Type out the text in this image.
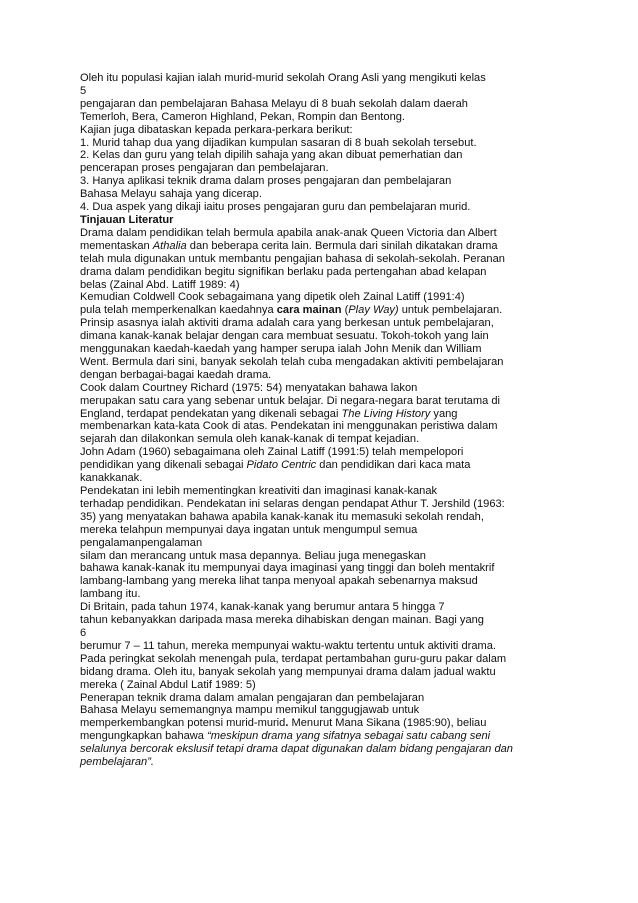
Oleh itu populasi kajian ialah murid-murid sekolah Orang Asli yang mengikuti kelas
5
pengajaran dan pembelajaran Bahasa Melayu di 8 buah sekolah dalam daerah
Temerloh, Bera, Cameron Highland, Pekan, Rompin dan Bentong.
Kajian juga dibataskan kepada perkara-perkara berikut:
1. Murid tahap dua yang dijadikan kumpulan sasaran di 8 buah sekolah tersebut.
2. Kelas dan guru yang telah dipilih sahaja yang akan dibuat pemerhatian dan
pencerapan proses pengajaran dan pembelajaran.
3. Hanya aplikasi teknik drama dalam proses pengajaran dan pembelajaran
Bahasa Melayu sahaja yang dicerap.
4. Dua aspek yang dikaji iaitu proses pengajaran guru dan pembelajaran murid.
Tinjauan Literatur
Drama dalam pendidikan telah bermula apabila anak-anak Queen Victoria dan Albert
mementaskan Athalia dan beberapa cerita lain. Bermula dari sinilah dikatakan drama
telah mula digunakan untuk membantu pengajian bahasa di sekolah-sekolah. Peranan
drama dalam pendidikan begitu signifikan berlaku pada pertengahan abad kelapan
belas (Zainal Abd. Latiff 1989: 4)
Kemudian Coldwell Cook sebagaimana yang dipetik oleh Zainal Latiff (1991:4)
pula telah memperkenalkan kaedahnya cara mainan (Play Way) untuk pembelajaran.
Prinsip asasnya ialah aktiviti drama adalah cara yang berkesan untuk pembelajaran,
dimana kanak-kanak belajar dengan cara membuat sesuatu. Tokoh-tokoh yang lain
menggunakan kaedah-kaedah yang hamper serupa ialah John Menik dan William
Went. Bermula dari sini, banyak sekolah telah cuba mengadakan aktiviti pembelajaran
dengan berbagai-bagai kaedah drama.
Cook dalam Courtney Richard (1975: 54) menyatakan bahawa lakon
merupakan satu cara yang sebenar untuk belajar. Di negara-negara barat terutama di
England, terdapat pendekatan yang dikenali sebagai The Living History yang
membenarkan kata-kata Cook di atas. Pendekatan ini menggunakan peristiwa dalam
sejarah dan dilakonkan semula oleh kanak-kanak di tempat kejadian.
John Adam (1960) sebagaimana oleh Zainal Latiff (1991:5) telah mempelopori
pendidikan yang dikenali sebagai Pidato Centric dan pendidikan dari kaca mata
kanakkanak.
Pendekatan ini lebih mementingkan kreativiti dan imaginasi kanak-kanak
terhadap pendidikan. Pendekatan ini selaras dengan pendapat Athur T. Jershild (1963:
35) yang menyatakan bahawa apabila kanak-kanak itu memasuki sekolah rendah,
mereka telahpun mempunyai daya ingatan untuk mengumpul semua
pengalamanpengalaman
silam dan merancang untuk masa depannya. Beliau juga menegaskan
bahawa kanak-kanak itu mempunyai daya imaginasi yang tinggi dan boleh mentakrif
lambang-lambang yang mereka lihat tanpa menyoal apakah sebenarnya maksud
lambang itu.
Di Britain, pada tahun 1974, kanak-kanak yang berumur antara 5 hingga 7
tahun kebanyakkan daripada masa mereka dihabiskan dengan mainan. Bagi yang
6
berumur 7 – 11 tahun, mereka mempunyai waktu-waktu tertentu untuk aktiviti drama.
Pada peringkat sekolah menengah pula, terdapat pertambahan guru-guru pakar dalam
bidang drama. Oleh itu, banyak sekolah yang mempunyai drama dalam jadual waktu
mereka ( Zainal Abdul Latif 1989: 5)
Penerapan teknik drama dalam amalan pengajaran dan pembelajaran
Bahasa Melayu sememangnya mampu memikul tanggugjawab untuk
memperkembangkan potensi murid-murid. Menurut Mana Sikana (1985:90), beliau
mengungkapkan bahawa “meskipun drama yang sifatnya sebagai satu cabang seni
selalunya bercorak ekslusif tetapi drama dapat digunakan dalam bidang pengajaran dan
pembelajaran”.
